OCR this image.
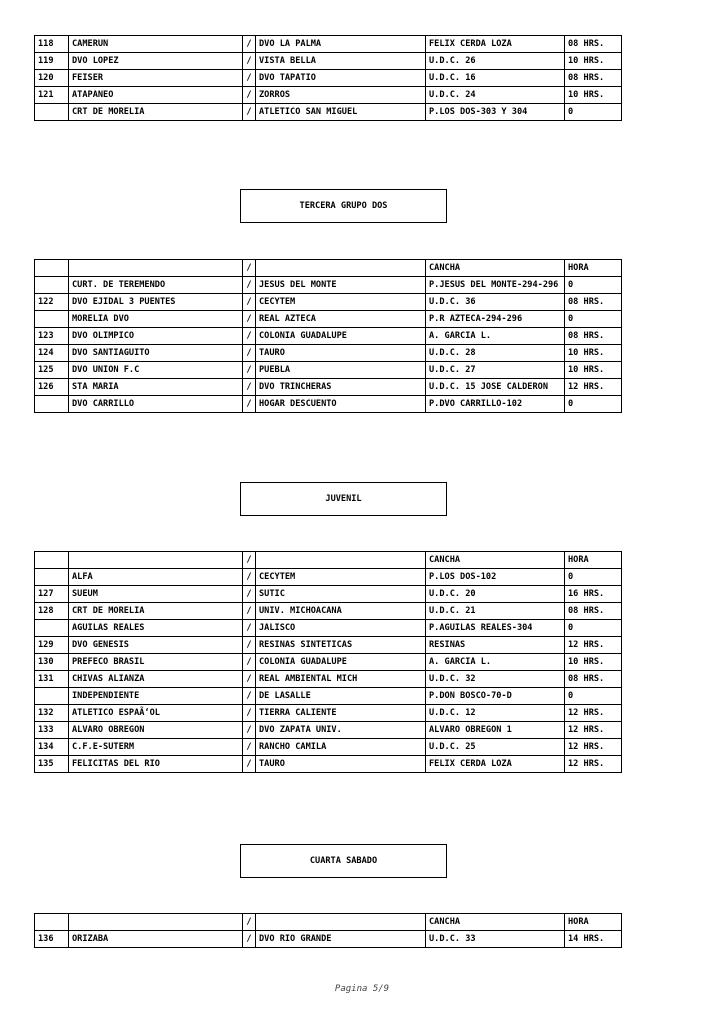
118	CAMERUN	/	DVO LA PALMA	FELIX CERDA LOZA	08 HRS.
119	DVO LOPEZ	/	VISTA BELLA	U.D.C. 26	10 HRS.
120	FEISER	/	DVO TAPATIO	U.D.C. 16	08 HRS.
121	ATAPANEO	/	ZORROS	U.D.C. 24	10 HRS.
	CRT DE MORELIA	/	ATLETICO SAN MIGUEL	P.LOS DOS-303 Y 304	0
TERCERA GRUPO DOS
		/		CANCHA	HORA
	CURT. DE TEREMENDO	/	JESUS DEL MONTE	P.JESUS DEL MONTE-294-296	0
122	DVO EJIDAL 3 PUENTES	/	CECYTEM	U.D.C. 36	08 HRS.
	MORELIA DVO	/	REAL AZTECA	P.R AZTECA-294-296	0
123	DVO OLIMPICO	/	COLONIA GUADALUPE	A. GARCIA L.	08 HRS.
124	DVO SANTIAGUITO	/	TAURO	U.D.C. 28	10 HRS.
125	DVO UNION F.C	/	PUEBLA	U.D.C. 27	10 HRS.
126	STA MARIA	/	DVO TRINCHERAS	U.D.C. 15 JOSE CALDERON	12 HRS.
	DVO CARRILLO	/	HOGAR DESCUENTO	P.DVO CARRILLO-102	0
JUVENIL
		/		CANCHA	HORA
	ALFA	/	CECYTEM	P.LOS DOS-102	0
127	SUEUM	/	SUTIC	U.D.C. 20	16 HRS.
128	CRT DE MORELIA	/	UNIV. MICHOACANA	U.D.C. 21	08 HRS.
	AGUILAS REALES	/	JALISCO	P.AGUILAS REALES-304	0
129	DVO GENESIS	/	RESINAS SINTETICAS	RESINAS	12 HRS.
130	PREFECO BRASIL	/	COLONIA GUADALUPE	A. GARCIA L.	10 HRS.
131	CHIVAS ALIANZA	/	REAL AMBIENTAL MICH	U.D.C. 32	08 HRS.
	INDEPENDIENTE	/	DE LASALLE	P.DON BOSCO-70-D	0
132	ATLETICO ESPAÃ‘OL	/	TIERRA CALIENTE	U.D.C. 12	12 HRS.
133	ALVARO OBREGON	/	DVO ZAPATA UNIV.	ALVARO OBREGON 1	12 HRS.
134	C.F.E-SUTERM	/	RANCHO CAMILA	U.D.C. 25	12 HRS.
135	FELICITAS DEL RIO	/	TAURO	FELIX CERDA LOZA	12 HRS.
CUARTA SABADO
		/		CANCHA	HORA
136	ORIZABA	/	DVO RIO GRANDE	U.D.C. 33	14 HRS.
Pagina 5/9
